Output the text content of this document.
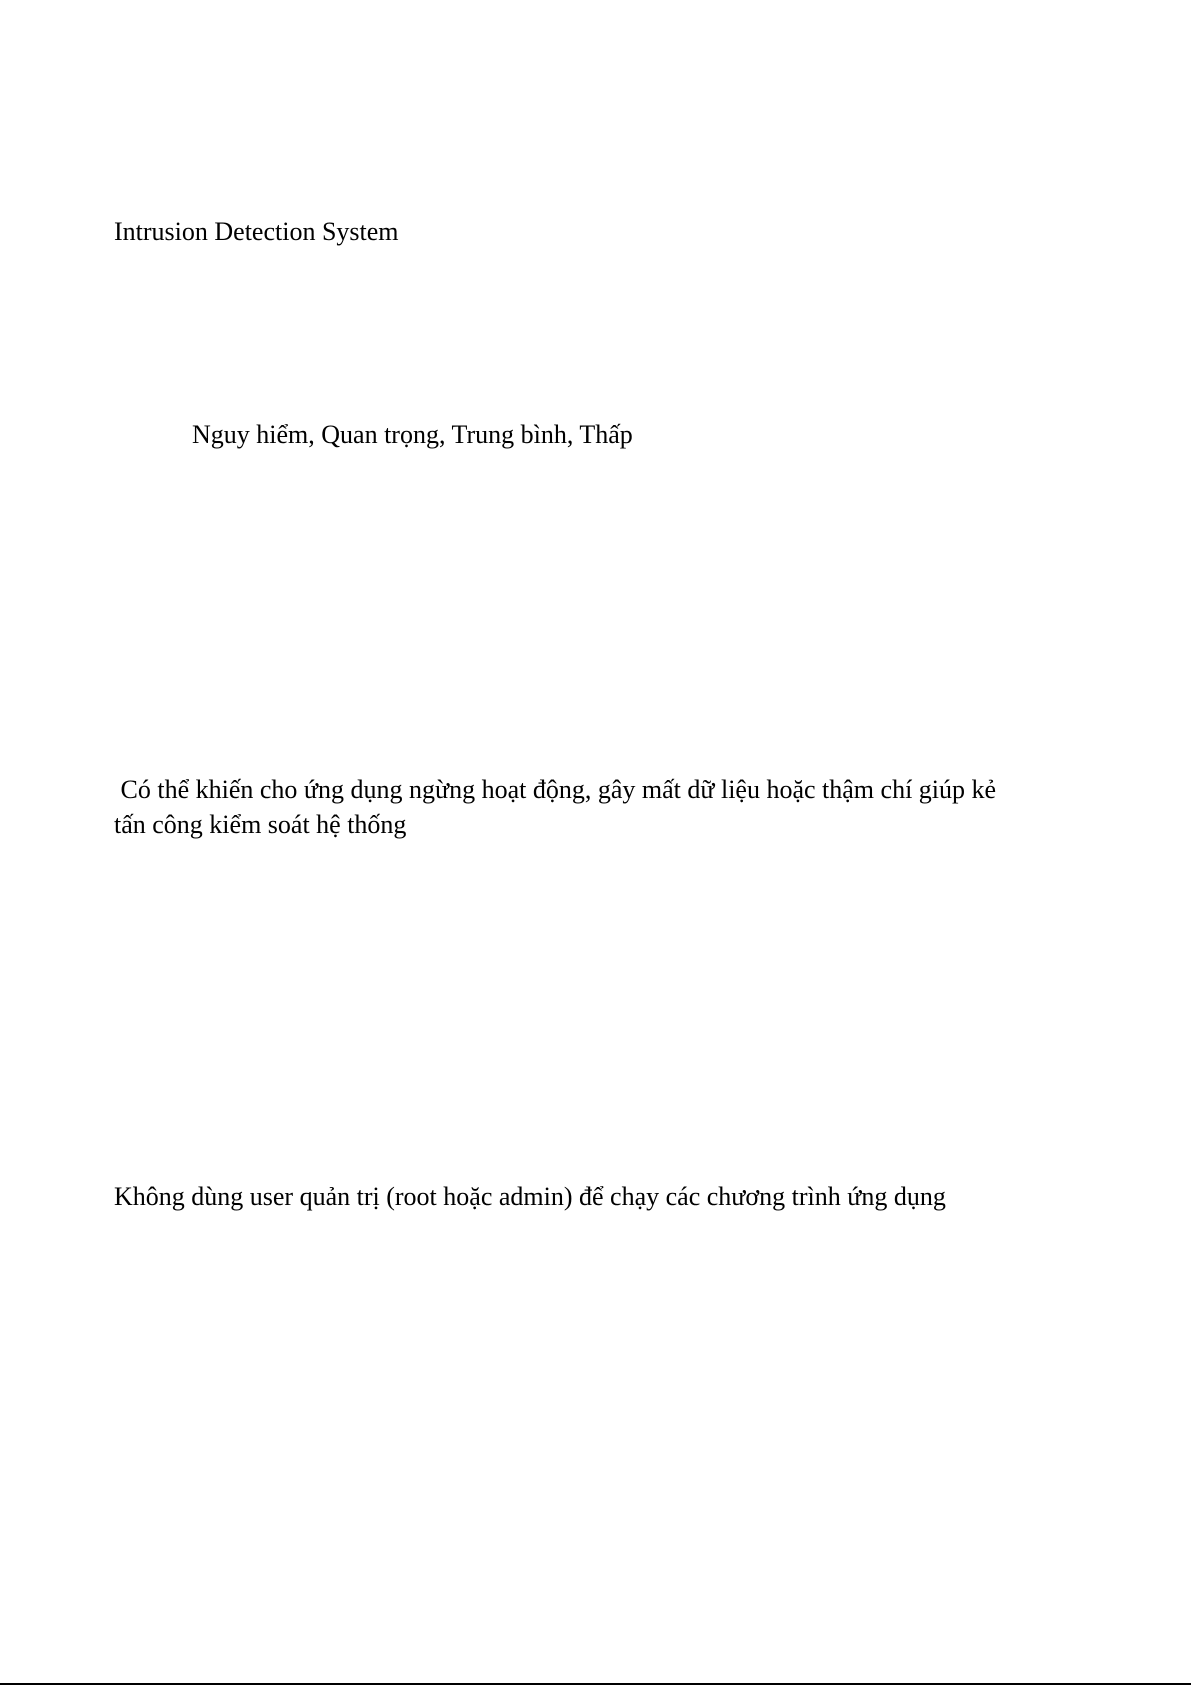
Intrusion Detection System
Nguy hiểm, Quan trọng, Trung bình, Thấp
Có thể khiến cho ứng dụng ngừng hoạt động, gây mất dữ liệu hoặc thậm chí giúp kẻ
tấn công kiểm soát hệ thống
Không dùng user quản trị (root hoặc admin) để chạy các chương trình ứng dụng
